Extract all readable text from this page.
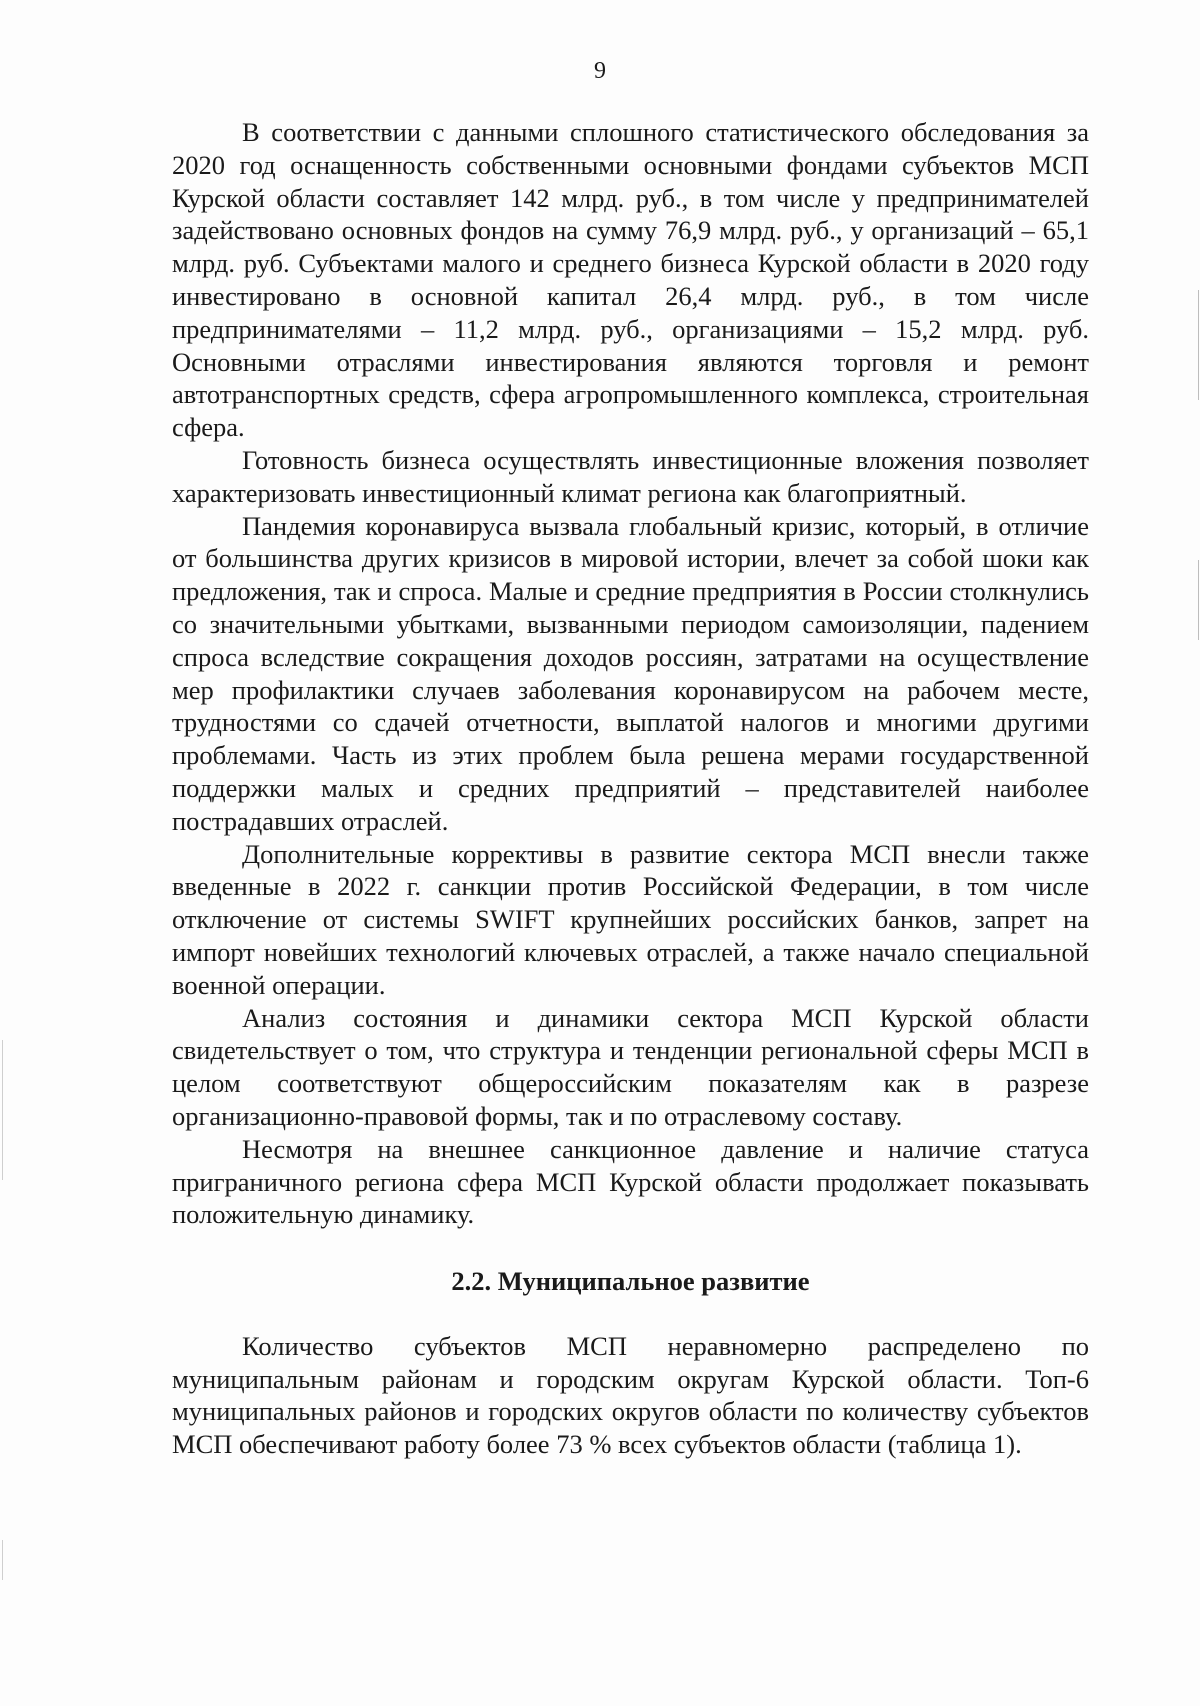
9

В соответствии с данными сплошного статистического обследования за 2020 год оснащенность собственными основными фондами субъектов МСП Курской области составляет 142 млрд. руб., в том числе у предпринимателей задействовано основных фондов на сумму 76,9 млрд. руб., у организаций – 65,1 млрд. руб. Субъектами малого и среднего бизнеса Курской области в 2020 году инвестировано в основной капитал 26,4 млрд. руб., в том числе предпринимателями – 11,2 млрд. руб., организациями – 15,2 млрд. руб. Основными отраслями инвестирования являются торговля и ремонт автотранспортных средств, сфера агропромышленного комплекса, строительная сфера.

Готовность бизнеса осуществлять инвестиционные вложения позволяет характеризовать инвестиционный климат региона как благоприятный.

Пандемия коронавируса вызвала глобальный кризис, который, в отличие от большинства других кризисов в мировой истории, влечет за собой шоки как предложения, так и спроса. Малые и средние предприятия в России столкнулись со значительными убытками, вызванными периодом самоизоляции, падением спроса вследствие сокращения доходов россиян, затратами на осуществление мер профилактики случаев заболевания коронавирусом на рабочем месте, трудностями со сдачей отчетности, выплатой налогов и многими другими проблемами. Часть из этих проблем была решена мерами государственной поддержки малых и средних предприятий – представителей наиболее пострадавших отраслей.

Дополнительные коррективы в развитие сектора МСП внесли также введенные в 2022 г. санкции против Российской Федерации, в том числе отключение от системы SWIFT крупнейших российских банков, запрет на импорт новейших технологий ключевых отраслей, а также начало специальной военной операции.

Анализ состояния и динамики сектора МСП Курской области свидетельствует о том, что структура и тенденции региональной сферы МСП в целом соответствуют общероссийским показателям как в разрезе организационно-правовой формы, так и по отраслевому составу.

Несмотря на внешнее санкционное давление и наличие статуса приграничного региона сфера МСП Курской области продолжает показывать положительную динамику.

2.2. Муниципальное развитие

Количество субъектов МСП неравномерно распределено по муниципальным районам и городским округам Курской области. Топ-6 муниципальных районов и городских округов области по количеству субъектов МСП обеспечивают работу более 73 % всех субъектов области (таблица 1).
